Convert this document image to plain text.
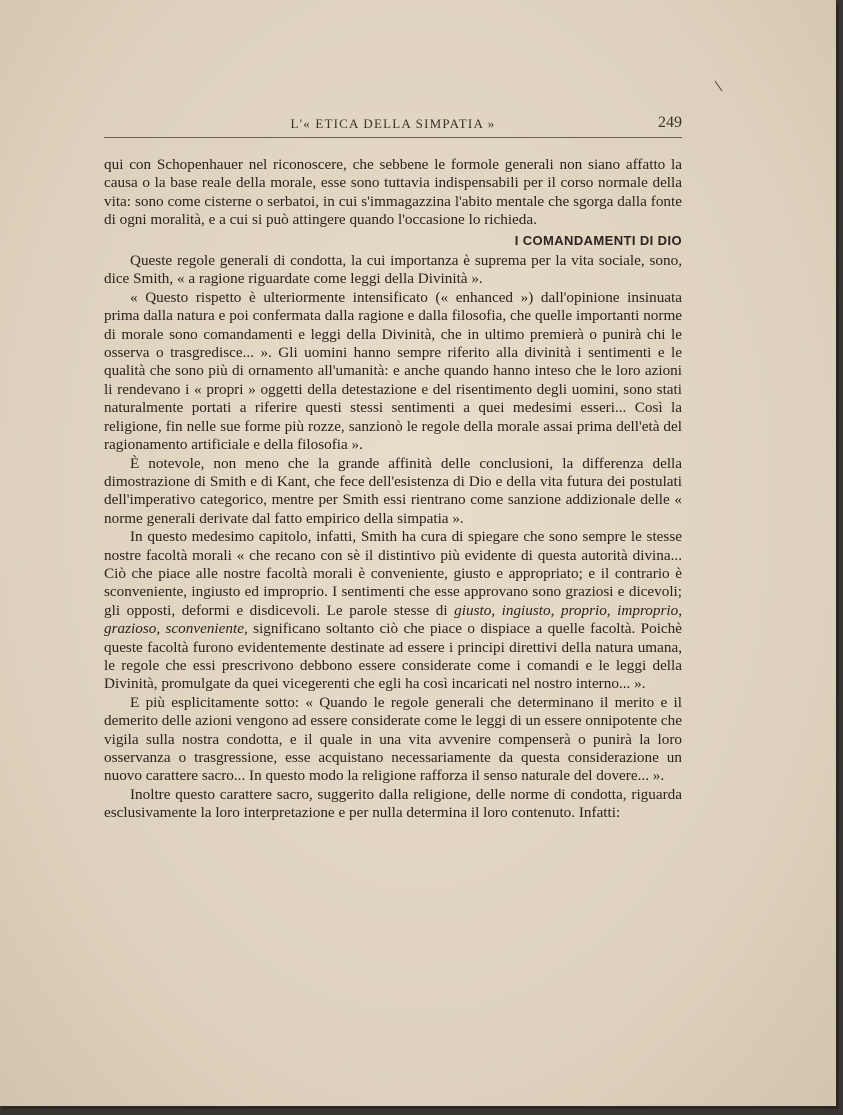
L'« ETICA DELLA SIMPATIA »	249

qui con Schopenhauer nel riconoscere, che sebbene le formole generali non siano affatto la causa o la base reale della morale, esse sono tuttavia indispensabili per il corso normale della vita: sono come cisterne o serbatoi, in cui s'immagazzina l'abito mentale che sgorga dalla fonte di ogni moralità, e a cui si può attingere quando l'occasione lo richieda.

I COMANDAMENTI DI DIO

Queste regole generali di condotta, la cui importanza è suprema per la vita sociale, sono, dice Smith, « a ragione riguardate come leggi della Divinità ».

« Questo rispetto è ulteriormente intensificato (« enhanced ») dall'opinione insinuata prima dalla natura e poi confermata dalla ragione e dalla filosofia, che quelle importanti norme di morale sono comandamenti e leggi della Divinità, che in ultimo premierà o punirà chi le osserva o trasgredisce... ». Gli uomini hanno sempre riferito alla divinità i sentimenti e le qualità che sono più di ornamento all'umanità: e anche quando hanno inteso che le loro azioni li rendevano i « propri » oggetti della detestazione e del risentimento degli uomini, sono stati naturalmente portati a riferire questi stessi sentimenti a quei medesimi esseri... Così la religione, fin nelle sue forme più rozze, sanzionò le regole della morale assai prima dell'età del ragionamento artificiale e della filosofia ».

È notevole, non meno che la grande affinità delle conclusioni, la differenza della dimostrazione di Smith e di Kant, che fece dell'esistenza di Dio e della vita futura dei postulati dell'imperativo categorico, mentre per Smith essi rientrano come sanzione addizionale delle « norme generali derivate dal fatto empirico della simpatia ».

In questo medesimo capitolo, infatti, Smith ha cura di spiegare che sono sempre le stesse nostre facoltà morali « che recano con sè il distintivo più evidente di questa autorità divina... Ciò che piace alle nostre facoltà morali è conveniente, giusto e appropriato; e il contrario è sconveniente, ingiusto ed improprio. I sentimenti che esse approvano sono graziosi e dicevoli; gli opposti, deformi e disdicevoli. Le parole stesse di giusto, ingiusto, proprio, improprio, grazioso, sconveniente, significano soltanto ciò che piace o dispiace a quelle facoltà. Poichè queste facoltà furono evidentemente destinate ad essere i principi direttivi della natura umana, le regole che essi prescrivono debbono essere considerate come i comandi e le leggi della Divinità, promulgate da quei vicegerenti che egli ha così incaricati nel nostro interno... ».

E più esplicitamente sotto: « Quando le regole generali che determinano il merito e il demerito delle azioni vengono ad essere considerate come le leggi di un essere onnipotente che vigila sulla nostra condotta, e il quale in una vita avvenire compenserà o punirà la loro osservanza o trasgressione, esse acquistano necessariamente da questa considerazione un nuovo carattere sacro... In questo modo la religione rafforza il senso naturale del dovere... ».

Inoltre questo carattere sacro, suggerito dalla religione, delle norme di condotta, riguarda esclusivamente la loro interpretazione e per nulla determina il loro contenuto. Infatti:
